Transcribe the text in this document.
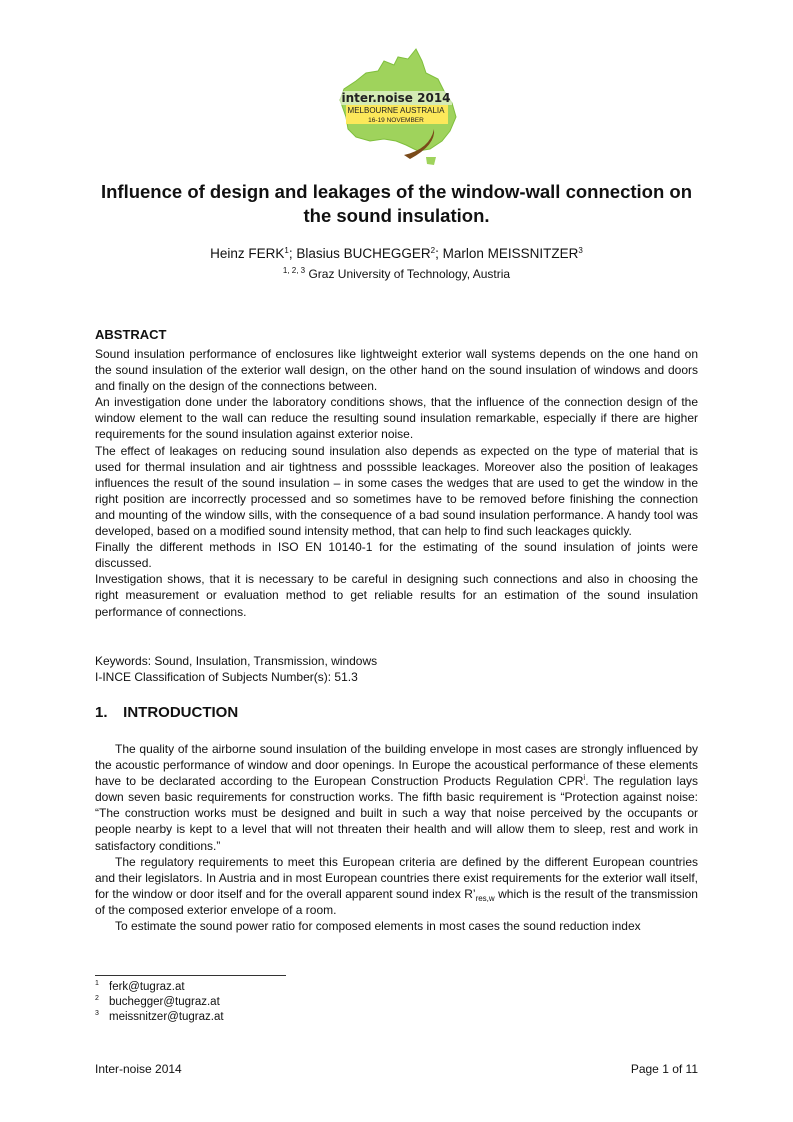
inter.noise 2014
MELBOURNE AUSTRALIA
16-19 NOVEMBER
Influence of design and leakages of the window-wall connection on
the sound insulation.
Heinz FERK$^1$; Blasius BUCHEGGER$^2$; Marlon MEISSNITZER$^3$
$^{1, 2, 3}$ Graz University of Technology, Austria
ABSTRACT

Sound insulation performance of enclosures like lightweight exterior wall systems depends on the one hand on the sound insulation of the exterior wall design, on the other hand on the sound insulation of windows and doors and finally on the design of the connections between.

An investigation done under the laboratory conditions shows, that the influence of the connection design of the window element to the wall can reduce the resulting sound insulation remarkable, especially if there are higher requirements for the sound insulation against exterior noise.

The effect of leakages on reducing sound insulation also depends as expected on the type of material that is used for thermal insulation and air tightness and posssible leackages. Moreover also the position of leakages influences the result of the sound insulation – in some cases the wedges that are used to get the window in the right position are incorrectly processed and so sometimes have to be removed before finishing the connection and mounting of the window sills, with the consequence of a bad sound insulation performance. A handy tool was developed, based on a modified sound intensity method, that can help to find such leackages quickly.

Finally the different methods in ISO EN 10140-1 for the estimating of the sound insulation of joints were discussed.

Investigation shows, that it is necessary to be careful in designing such connections and also in choosing the right measurement or evaluation method to get reliable results for an estimation of the sound insulation performance of connections.

Keywords: Sound, Insulation, Transmission, windows

I-INCE Classification of Subjects Number(s): 51.3

1. INTRODUCTION

The quality of the airborne sound insulation of the building envelope in most cases are strongly influenced by the acoustic performance of window and door openings. In Europe the acoustical performance of these elements have to be declarated according to the European Construction Products Regulation CPR$^i$. The regulation lays down seven basic requirements for construction works. The fifth basic requirement is “Protection against noise: “The construction works must be designed and built in such a way that noise perceived by the occupants or people nearby is kept to a level that will not threaten their health and will allow them to sleep, rest and work in satisfactory conditions.”

The regulatory requirements to meet this European criteria are defined by the different European countries and their legislators. In Austria and in most European countries there exist requirements for the exterior wall itself, for the window or door itself and for the overall apparent sound index $R’_{res,w}$ which is the result of the transmission of the composed exterior envelope of a room.

To estimate the sound power ratio for composed elements in most cases the sound reduction index

$^1$ ferk@tugraz.at
$^2$ buchegger@tugraz.at
$^3$ meissnitzer@tugraz.at
Inter-noise 2014	Page 1 of 11
